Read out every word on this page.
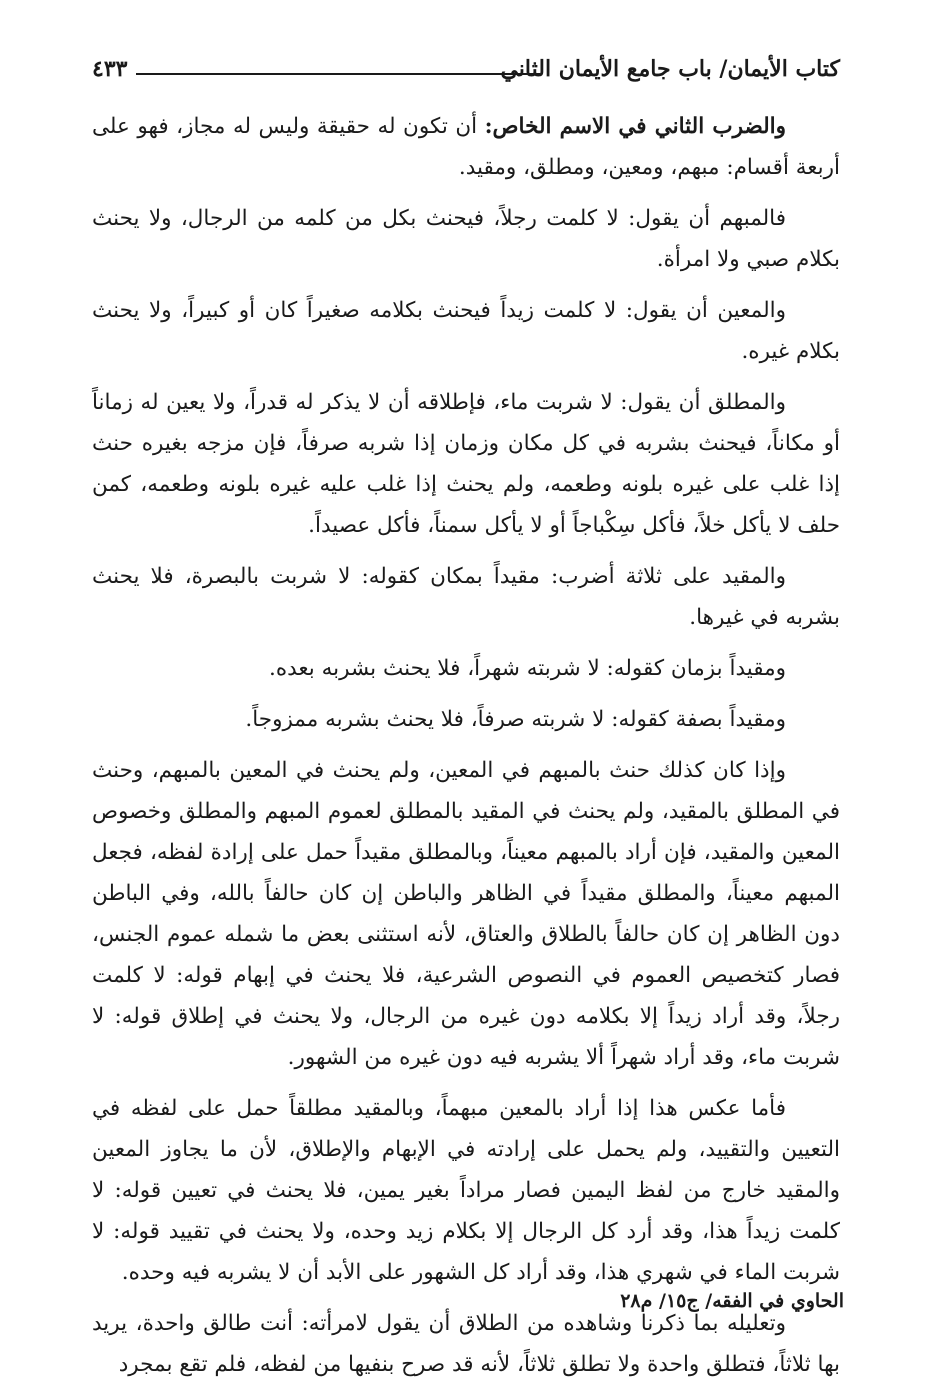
كتاب الأيمان/ باب جامع الأيمان الثاني
٤٣٣

والضرب الثاني في الاسم الخاص: أن تكون له حقيقة وليس له مجاز، فهو على أربعة أقسام: مبهم، ومعين، ومطلق، ومقيد.

فالمبهم أن يقول: لا كلمت رجلاً، فيحنث بكل من كلمه من الرجال، ولا يحنث بكلام صبي ولا امرأة.

والمعين أن يقول: لا كلمت زيداً فيحنث بكلامه صغيراً كان أو كبيراً، ولا يحنث بكلام غيره.

والمطلق أن يقول: لا شربت ماء، فإطلاقه أن لا يذكر له قدراً، ولا يعين له زماناً أو مكاناً، فيحنث بشربه في كل مكان وزمان إذا شربه صرفاً، فإن مزجه بغيره حنث إذا غلب على غيره بلونه وطعمه، ولم يحنث إذا غلب عليه غيره بلونه وطعمه، كمن حلف لا يأكل خلاً، فأكل سِكْباجاً أو لا يأكل سمناً، فأكل عصيداً.

والمقيد على ثلاثة أضرب: مقيداً بمكان كقوله: لا شربت بالبصرة، فلا يحنث بشربه في غيرها.

ومقيداً بزمان كقوله: لا شربته شهراً، فلا يحنث بشربه بعده.

ومقيداً بصفة كقوله: لا شربته صرفاً، فلا يحنث بشربه ممزوجاً.

وإذا كان كذلك حنث بالمبهم في المعين، ولم يحنث في المعين بالمبهم، وحنث في المطلق بالمقيد، ولم يحنث في المقيد بالمطلق لعموم المبهم والمطلق وخصوص المعين والمقيد، فإن أراد بالمبهم معيناً، وبالمطلق مقيداً حمل على إرادة لفظه، فجعل المبهم معيناً، والمطلق مقيداً في الظاهر والباطن إن كان حالفاً بالله، وفي الباطن دون الظاهر إن كان حالفاً بالطلاق والعتاق، لأنه استثنى بعض ما شمله عموم الجنس، فصار كتخصيص العموم في النصوص الشرعية، فلا يحنث في إبهام قوله: لا كلمت رجلاً، وقد أراد زيداً إلا بكلامه دون غيره من الرجال، ولا يحنث في إطلاق قوله: لا شربت ماء، وقد أراد شهراً ألا يشربه فيه دون غيره من الشهور.

فأما عكس هذا إذا أراد بالمعين مبهماً، وبالمقيد مطلقاً حمل على لفظه في التعيين والتقييد، ولم يحمل على إرادته في الإبهام والإطلاق، لأن ما يجاوز المعين والمقيد خارج من لفظ اليمين فصار مراداً بغير يمين، فلا يحنث في تعيين قوله: لا كلمت زيداً هذا، وقد أرد كل الرجال إلا بكلام زيد وحده، ولا يحنث في تقييد قوله: لا شربت الماء في شهري هذا، وقد أراد كل الشهور على الأبد أن لا يشربه فيه وحده.

وتعليله بما ذكرنا وشاهده من الطلاق أن يقول لامرأته: أنت طالق واحدة، يريد بها ثلاثاً، فتطلق واحدة ولا تطلق ثلاثاً، لأنه قد صرح بنفيها من لفظه، فلم تقع بمجرد

الحاوي في الفقه/ ج١٥/ م٢٨
